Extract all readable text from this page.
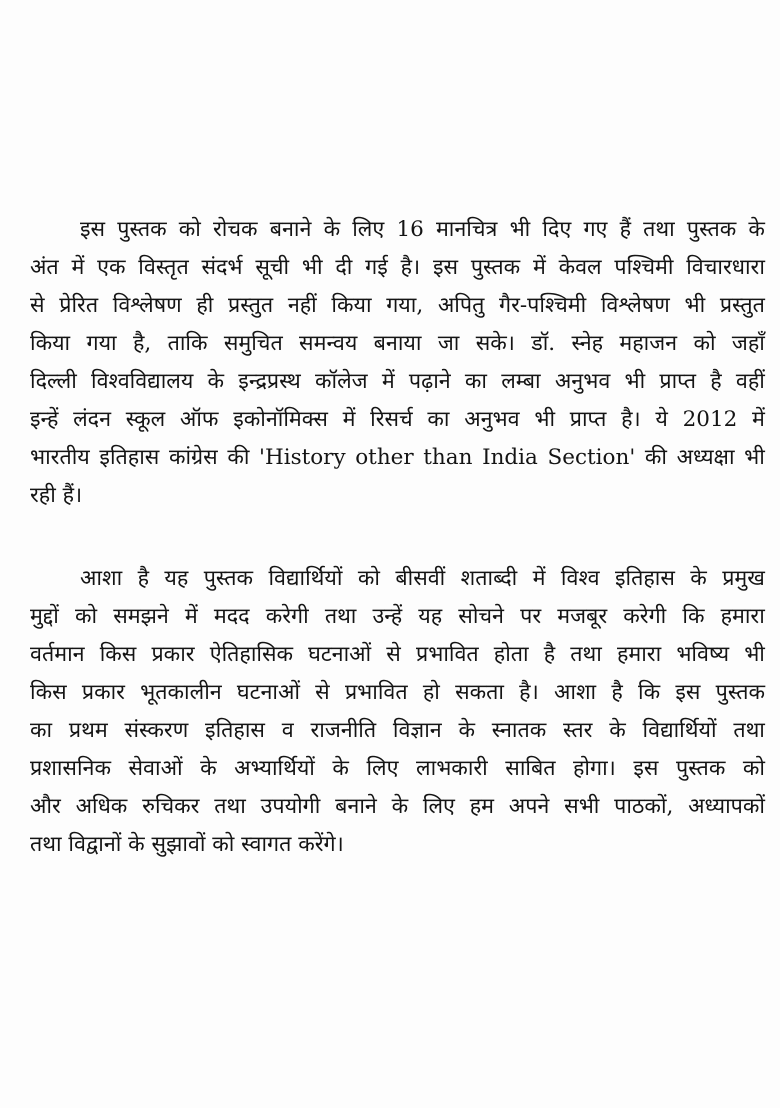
इस पुस्तक को रोचक बनाने के लिए 16 मानचित्र भी दिए गए हैं तथा पुस्तक के
अंत में एक विस्तृत संदर्भ सूची भी दी गई है। इस पुस्तक में केवल पश्चिमी विचारधारा
से प्रेरित विश्लेषण ही प्रस्तुत नहीं किया गया, अपितु गैर-पश्चिमी विश्लेषण भी प्रस्तुत
किया गया है, ताकि समुचित समन्वय बनाया जा सके। डॉ. स्नेह महाजन को जहाँ
दिल्ली विश्वविद्यालय के इन्द्रप्रस्थ कॉलेज में पढ़ाने का लम्बा अनुभव भी प्राप्त है वहीं
इन्हें लंदन स्कूल ऑफ इकोनॉमिक्स में रिसर्च का अनुभव भी प्राप्त है। ये 2012 में
भारतीय इतिहास कांग्रेस की 'History other than India Section' की अध्यक्षा भी
रही हैं।
आशा है यह पुस्तक विद्यार्थियों को बीसवीं शताब्दी में विश्व इतिहास के प्रमुख
मुद्दों को समझने में मदद करेगी तथा उन्हें यह सोचने पर मजबूर करेगी कि हमारा
वर्तमान किस प्रकार ऐतिहासिक घटनाओं से प्रभावित होता है तथा हमारा भविष्य भी
किस प्रकार भूतकालीन घटनाओं से प्रभावित हो सकता है। आशा है कि इस पुस्तक
का प्रथम संस्करण इतिहास व राजनीति विज्ञान के स्नातक स्तर के विद्यार्थियों तथा
प्रशासनिक सेवाओं के अभ्यार्थियों के लिए लाभकारी साबित होगा। इस पुस्तक को
और अधिक रुचिकर तथा उपयोगी बनाने के लिए हम अपने सभी पाठकों, अध्यापकों
तथा विद्वानों के सुझावों को स्वागत करेंगे।
